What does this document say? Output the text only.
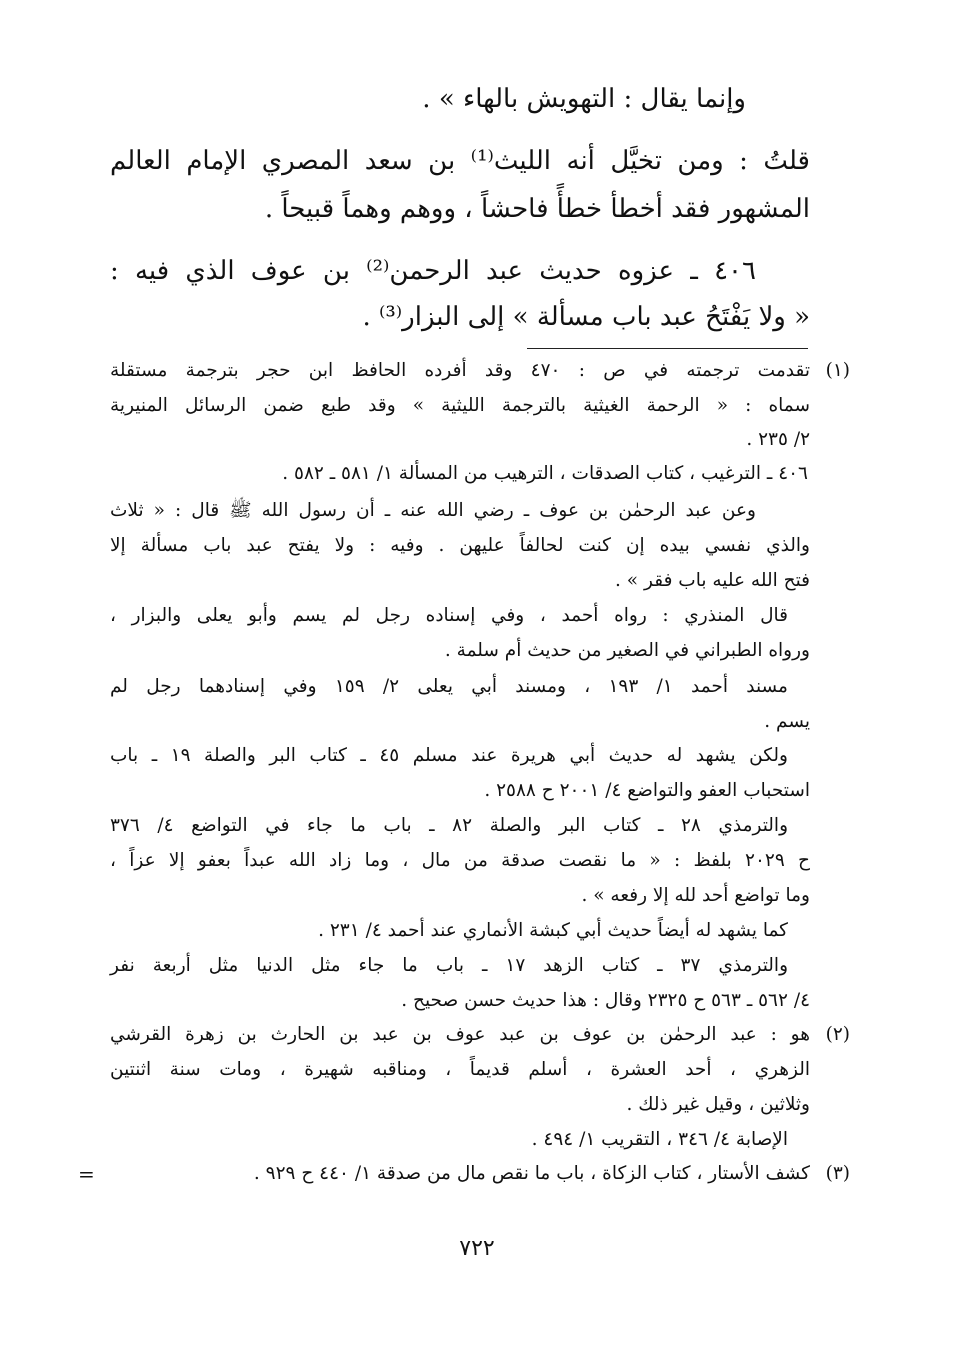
وإنما يقال : التهويش بالهاء » .
قلتُ : ومن تخيَّل أنه الليث⁽¹⁾ بن سعد المصري الإمام العالم
المشهور فقد أخطأ خطأً فاحشاً ، ووهم وهماً قبيحاً .
٤٠٦ ـ عزوه حديث عبد الرحمن⁽²⁾ بن عوف الذي فيه :
« ولا يَفْتَحُ عبد باب مسألة » إلى البزار⁽³⁾ .
(١)
تقدمت ترجمته في ص : ٤٧٠ وقد أفرده الحافظ ابن حجر بترجمة مستقلة
سماه : « الرحمة الغيثية بالترجمة الليثية » وقد طبع ضمن الرسائل المنيرية
٢/ ٢٣٥ .
٤٠٦ ـ الترغيب ، كتاب الصدقات ، الترهيب من المسألة ١/ ٥٨١ ـ ٥٨٢ .
وعن عبد الرحمٰن بن عوف ـ رضي الله عنه ـ أن رسول الله ﷺ قال : « ثلاث
والذي نفسي بيده إن كنت لحالفاً عليهن . وفيه : ولا يفتح عبد باب مسألة إلا
فتح الله عليه باب فقر » .
قال المنذري : رواه أحمد ، وفي إسناده رجل لم يسم وأبو يعلى والبزار ،
ورواه الطبراني في الصغير من حديث أم سلمة .
مسند أحمد ١/ ١٩٣ ، ومسند أبي يعلى ٢/ ١٥٩ وفي إسنادهما رجل لم
يسم .
ولكن يشهد له حديث أبي هريرة عند مسلم ٤٥ ـ كتاب البر والصلة ١٩ ـ باب
استحباب العفو والتواضع ٤/ ٢٠٠١ ح ٢٥٨٨ .
والترمذي ٢٨ ـ كتاب البر والصلة ٨٢ ـ باب ما جاء في التواضع ٤/ ٣٧٦
ح ٢٠٢٩ بلفظ : « ما نقصت صدقة من مال ، وما زاد الله عبداً بعفو إلا عزاً ،
وما تواضع أحد لله إلا رفعه » .
كما يشهد له أيضاً حديث أبي كبشة الأنماري عند أحمد ٤/ ٢٣١ .
والترمذي ٣٧ ـ كتاب الزهد ١٧ ـ باب ما جاء مثل الدنيا مثل أربعة نفر
٤/ ٥٦٢ ـ ٥٦٣ ح ٢٣٢٥ وقال : هذا حديث حسن صحيح .
(٢)
هو : عبد الرحمٰن بن عوف بن عبد عوف بن عبد بن الحارث بن زهرة القرشي
الزهري ، أحد العشرة ، أسلم قديماً ، ومناقبه شهيرة ، ومات سنة اثنتين
وثلاثين ، وقيل غير ذلك .
الإصابة ٤/ ٣٤٦ ، التقريب ١/ ٤٩٤ .
(٣)
كشف الأستار ، كتاب الزكاة ، باب ما نقص مال من صدقة ١/ ٤٤٠ ح ٩٢٩ .
=
٧٢٢
